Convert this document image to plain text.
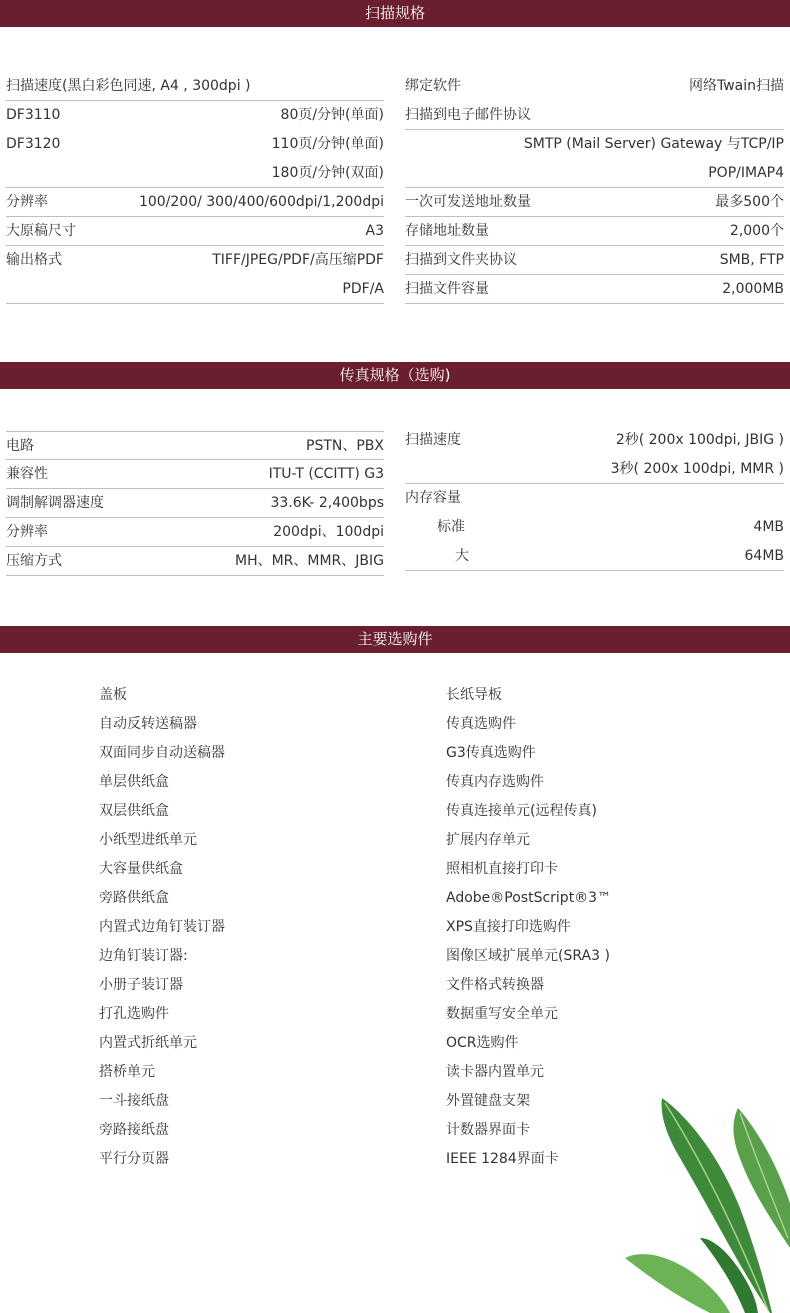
扫描规格
扫描速度(黑白彩色同速, A4 , 300dpi )
DF3110	80页/分钟(单面)
DF3120	110页/分钟(单面)
180页/分钟(双面)
分辨率	100/200/ 300/400/600dpi/1,200dpi
大原稿尺寸	A3
输出格式	TIFF/JPEG/PDF/高压缩PDF
PDF/A
绑定软件	网络Twain扫描
扫描到电子邮件协议
SMTP (Mail Server) Gateway 与TCP/IP
POP/IMAP4
一次可发送地址数量	最多500个
存储地址数量	2,000个
扫描到文件夹协议	SMB, FTP
扫描文件容量	2,000MB
传真规格（选购)
电路	PSTN、PBX
兼容性	ITU-T (CCITT) G3
调制解调器速度	33.6K- 2,400bps
分辨率	200dpi、100dpi
压缩方式	MH、MR、MMR、JBIG
扫描速度	2秒( 200x 100dpi, JBIG )
3秒( 200x 100dpi, MMR )
内存容量
标准	4MB
大	64MB
主要选购件
盖板
自动反转送稿器
双面同步自动送稿器
单层供纸盒
双层供纸盒
小纸型进纸单元
大容量供纸盒
旁路供纸盒
内置式边角钉装订器
边角钉装订器:
小册子装订器
打孔选购件
内置式折纸单元
搭桥单元
一斗接纸盘
旁路接纸盘
平行分页器
长纸导板
传真选购件
G3传真选购件
传真内存选购件
传真连接单元(远程传真)
扩展内存单元
照相机直接打印卡
Adobe®PostScript®3™
XPS直接打印选购件
图像区域扩展单元(SRA3 )
文件格式转换器
数据重写安全单元
OCR选购件
读卡器内置单元
外置键盘支架
计数器界面卡
IEEE 1284界面卡
